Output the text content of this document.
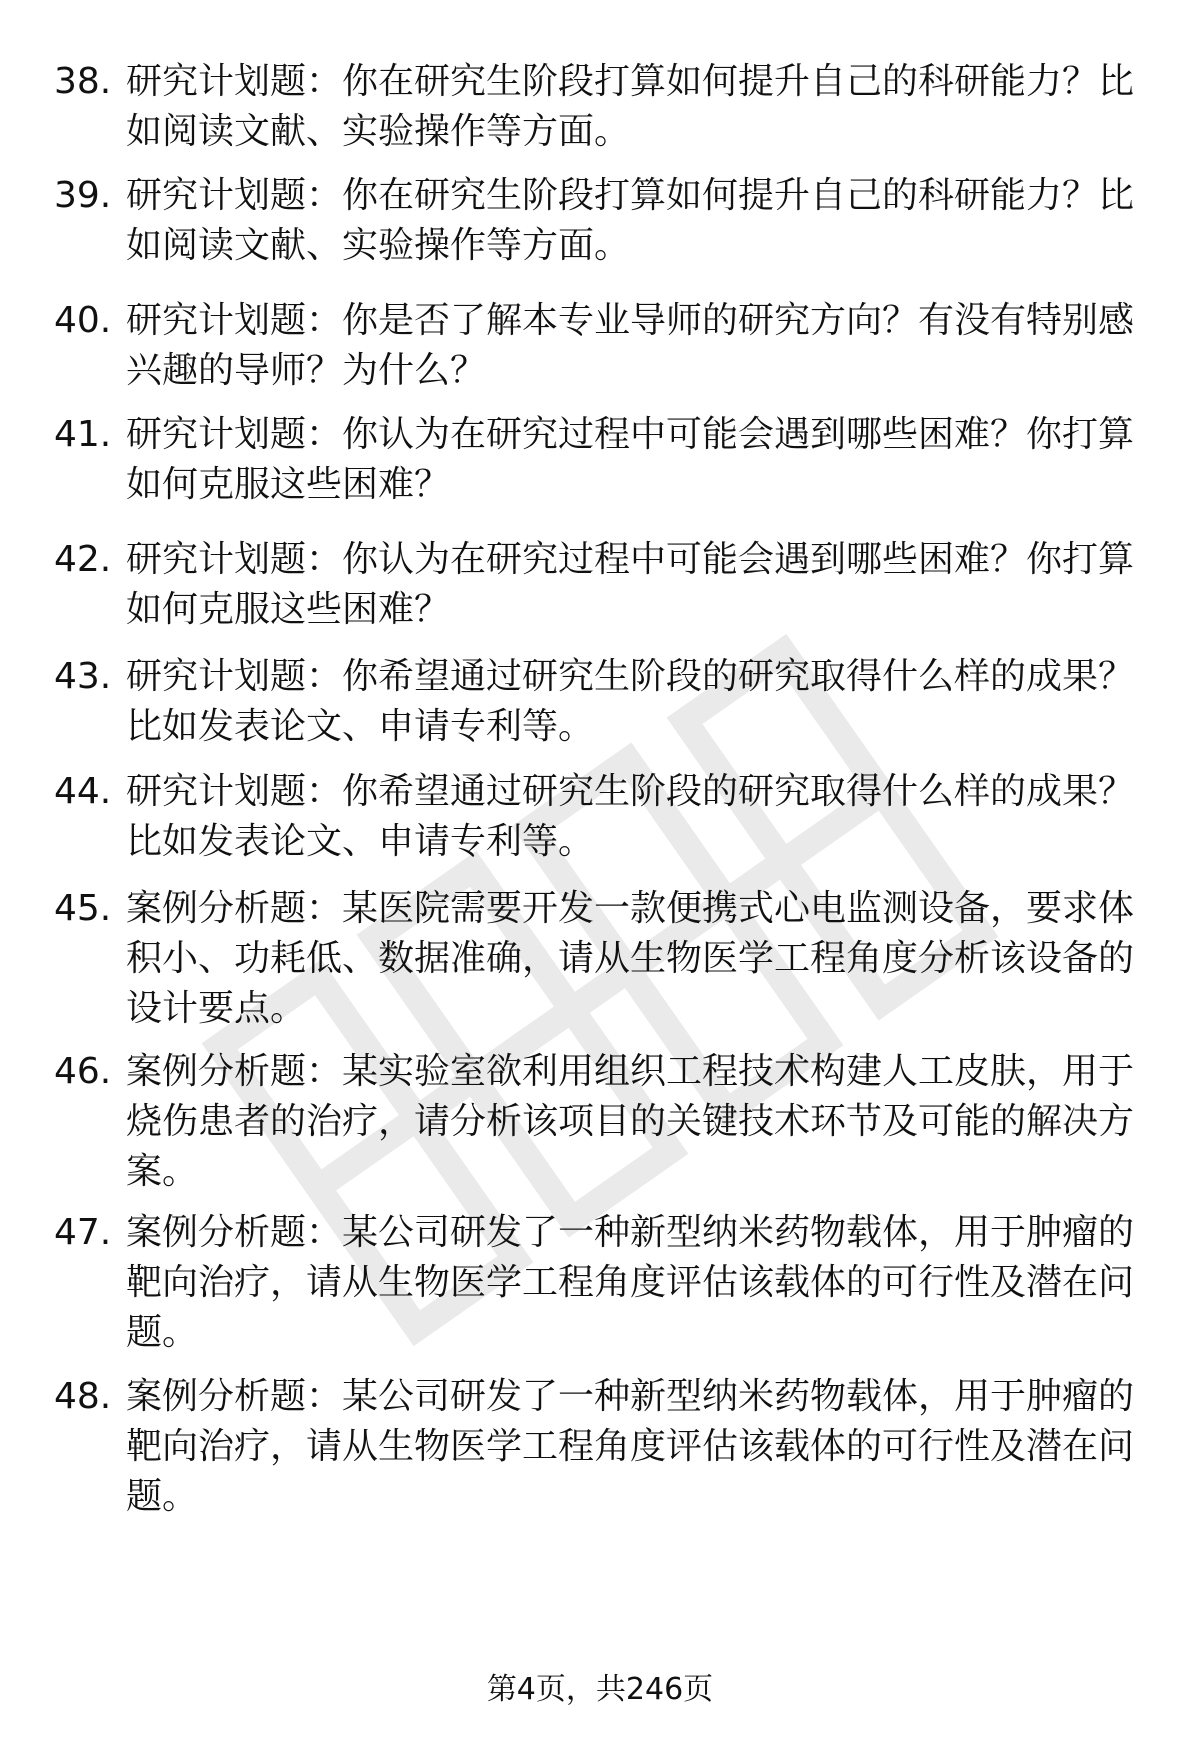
38. 研究计划题：你在研究生阶段打算如何提升自己的科研能力？比如阅读文献、实验操作等方面。
39. 研究计划题：你在研究生阶段打算如何提升自己的科研能力？比如阅读文献、实验操作等方面。
40. 研究计划题：你是否了解本专业导师的研究方向？有没有特别感兴趣的导师？为什么？
41. 研究计划题：你认为在研究过程中可能会遇到哪些困难？你打算如何克服这些困难？
42. 研究计划题：你认为在研究过程中可能会遇到哪些困难？你打算如何克服这些困难？
43. 研究计划题：你希望通过研究生阶段的研究取得什么样的成果？比如发表论文、申请专利等。
44. 研究计划题：你希望通过研究生阶段的研究取得什么样的成果？比如发表论文、申请专利等。
45. 案例分析题：某医院需要开发一款便携式心电监测设备，要求体积小、功耗低、数据准确，请从生物医学工程角度分析该设备的设计要点。
46. 案例分析题：某实验室欲利用组织工程技术构建人工皮肤，用于烧伤患者的治疗，请分析该项目的关键技术环节及可能的解决方案。
47. 案例分析题：某公司研发了一种新型纳米药物载体，用于肿瘤的靶向治疗，请从生物医学工程角度评估该载体的可行性及潜在问题。
48. 案例分析题：某公司研发了一种新型纳米药物载体，用于肿瘤的靶向治疗，请从生物医学工程角度评估该载体的可行性及潜在问题。
第4页，共246页
